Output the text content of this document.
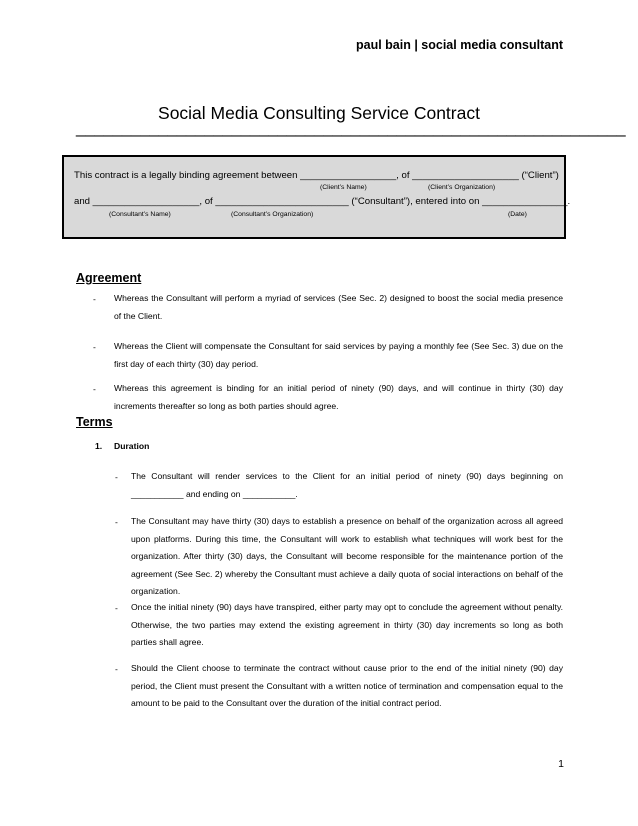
paul bain | social media consultant
Social Media Consulting Service Contract
____________________________________________________________
This contract is a legally binding agreement between __________________, of ____________________ (“Client”)
(Client’s Name)	(Client’s Organization)
and ____________________, of _________________________ (“Consultant”), entered into on ________________.
(Consultant’s Name)	(Consultant’s Organization)	(Date)
Agreement
- Whereas the Consultant will perform a myriad of services (See Sec. 2) designed to boost the social media presence of the Client.
- Whereas the Client will compensate the Consultant for said services by paying a monthly fee (See Sec. 3) due on the first day of each thirty (30) day period.
- Whereas this agreement is binding for an initial period of ninety (90) days, and will continue in thirty (30) day increments thereafter so long as both parties should agree.
Terms
1. Duration
- The Consultant will render services to the Client for an initial period of ninety (90) days beginning on ___________ and ending on ___________.
- The Consultant may have thirty (30) days to establish a presence on behalf of the organization across all agreed upon platforms. During this time, the Consultant will work to establish what techniques will work best for the organization. After thirty (30) days, the Consultant will become responsible for the maintenance portion of the agreement (See Sec. 2) whereby the Consultant must achieve a daily quota of social interactions on behalf of the organization.
- Once the initial ninety (90) days have transpired, either party may opt to conclude the agreement without penalty. Otherwise, the two parties may extend the existing agreement in thirty (30) day increments so long as both parties shall agree.
- Should the Client choose to terminate the contract without cause prior to the end of the initial ninety (90) day period, the Client must present the Consultant with a written notice of termination and compensation equal to the amount to be paid to the Consultant over the duration of the initial contract period.
1
